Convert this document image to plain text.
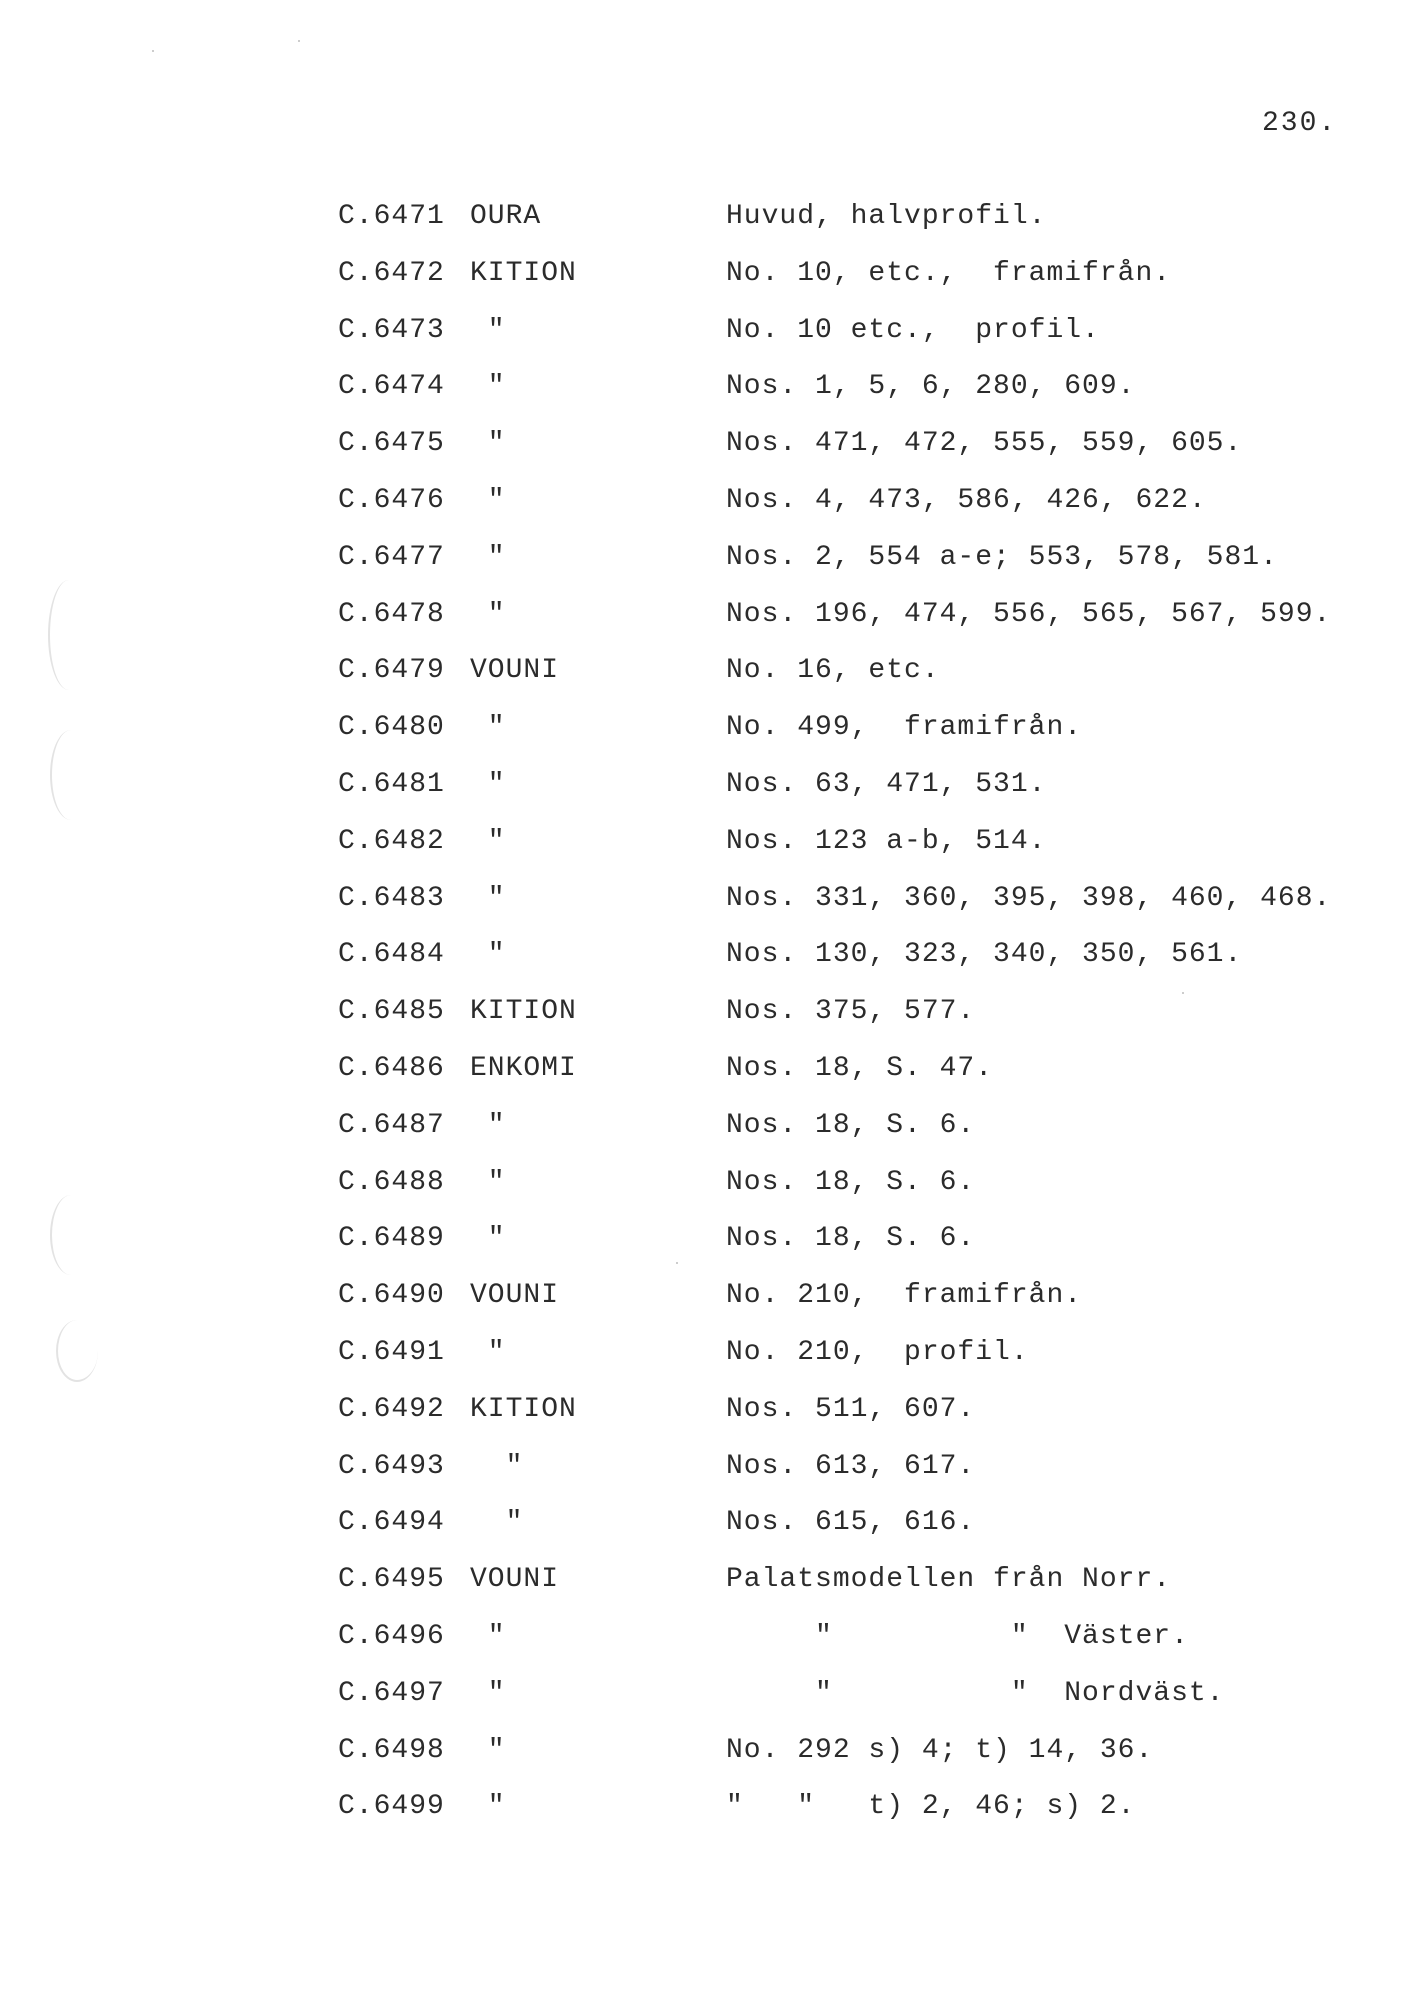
230.
C.6471 OURA	Huvud, halvprofil.
C.6472 KITION	No. 10, etc.,  framifrån.
C.6473 "	No. 10 etc.,  profil.
C.6474 "	Nos. 1, 5, 6, 280, 609.
C.6475 "	Nos. 471, 472, 555, 559, 605.
C.6476 "	Nos. 4, 473, 586, 426, 622.
C.6477 "	Nos. 2, 554 a-e; 553, 578, 581.
C.6478 "	Nos. 196, 474, 556, 565, 567, 599.
C.6479 VOUNI	No. 16, etc.
C.6480 "	No. 499,  framifrån.
C.6481 "	Nos. 63, 471, 531.
C.6482 "	Nos. 123 a-b, 514.
C.6483 "	Nos. 331, 360, 395, 398, 460, 468.
C.6484 "	Nos. 130, 323, 340, 350, 561.
C.6485 KITION	Nos. 375, 577.
C.6486 ENKOMI	Nos. 18, S. 47.
C.6487 "	Nos. 18, S. 6.
C.6488 "	Nos. 18, S. 6.
C.6489 "	Nos. 18, S. 6.
C.6490 VOUNI	No. 210,  framifrån.
C.6491 "	No. 210,  profil.
C.6492 KITION	Nos. 511, 607.
C.6493 "	Nos. 613, 617.
C.6494 "	Nos. 615, 616.
C.6495 VOUNI	Palatsmodellen från Norr.
C.6496 "	"          "  Väster.
C.6497 "	"          "  Nordväst.
C.6498 "	No. 292 s) 4; t) 14, 36.
C.6499 "	"   "   t) 2, 46; s) 2.
